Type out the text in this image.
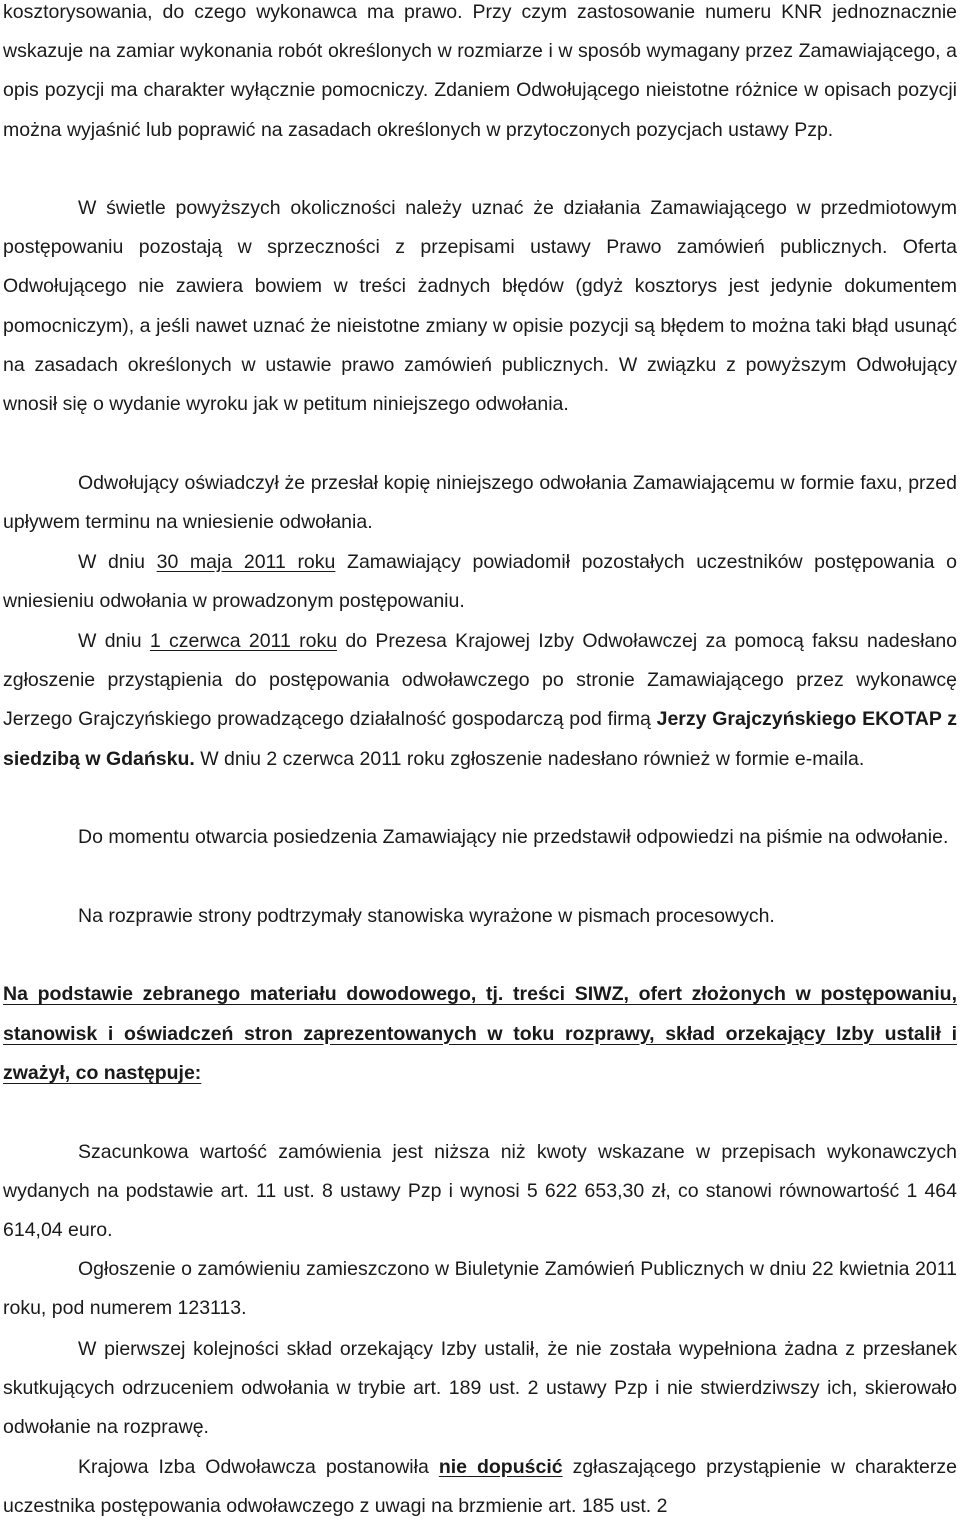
kosztorysowania, do czego wykonawca ma prawo. Przy czym zastosowanie numeru KNR jednoznacznie wskazuje na zamiar wykonania robót określonych w rozmiarze i w sposób wymagany przez Zamawiającego, a opis pozycji ma charakter wyłącznie pomocniczy. Zdaniem Odwołującego nieistotne różnice w opisach pozycji można wyjaśnić lub poprawić na zasadach określonych w przytoczonych pozycjach ustawy Pzp.

W świetle powyższych okoliczności należy uznać że działania Zamawiającego w przedmiotowym postępowaniu pozostają w sprzeczności z przepisami ustawy Prawo zamówień publicznych. Oferta Odwołującego nie zawiera bowiem w treści żadnych błędów (gdyż kosztorys jest jedynie dokumentem pomocniczym), a jeśli nawet uznać że nieistotne zmiany w opisie pozycji są błędem to można taki błąd usunąć na zasadach określonych w ustawie prawo zamówień publicznych. W związku z powyższym Odwołujący wnosił się o wydanie wyroku jak w petitum niniejszego odwołania.

Odwołujący oświadczył że przesłał kopię niniejszego odwołania Zamawiającemu w formie faxu, przed upływem terminu na wniesienie odwołania.

W dniu 30 maja 2011 roku Zamawiający powiadomił pozostałych uczestników postępowania o wniesieniu odwołania w prowadzonym postępowaniu.

W dniu 1 czerwca 2011 roku do Prezesa Krajowej Izby Odwoławczej za pomocą faksu nadesłano zgłoszenie przystąpienia do postępowania odwoławczego po stronie Zamawiającego przez wykonawcę Jerzego Grajczyńskiego prowadzącego działalność gospodarczą pod firmą Jerzy Grajczyńskiego EKOTAP z siedzibą w Gdańsku. W dniu 2 czerwca 2011 roku zgłoszenie nadesłano również w formie e-maila.

Do momentu otwarcia posiedzenia Zamawiający nie przedstawił odpowiedzi na piśmie na odwołanie.

Na rozprawie strony podtrzymały stanowiska wyrażone w pismach procesowych.

Na podstawie zebranego materiału dowodowego, tj. treści SIWZ, ofert złożonych w postępowaniu, stanowisk i oświadczeń stron zaprezentowanych w toku rozprawy, skład orzekający Izby ustalił i zważył, co następuje:

Szacunkowa wartość zamówienia jest niższa niż kwoty wskazane w przepisach wykonawczych wydanych na podstawie art. 11 ust. 8 ustawy Pzp i wynosi 5 622 653,30 zł, co stanowi równowartość 1 464 614,04 euro.

Ogłoszenie o zamówieniu zamieszczono w Biuletynie Zamówień Publicznych w dniu 22 kwietnia 2011 roku, pod numerem 123113.

W pierwszej kolejności skład orzekający Izby ustalił, że nie została wypełniona żadna z przesłanek skutkujących odrzuceniem odwołania w trybie art. 189 ust. 2 ustawy Pzp i nie stwierdziwszy ich, skierowało odwołanie na rozprawę.

Krajowa Izba Odwoławcza postanowiła nie dopuścić zgłaszającego przystąpienie w charakterze uczestnika postępowania odwoławczego z uwagi na brzmienie art. 185 ust. 2
